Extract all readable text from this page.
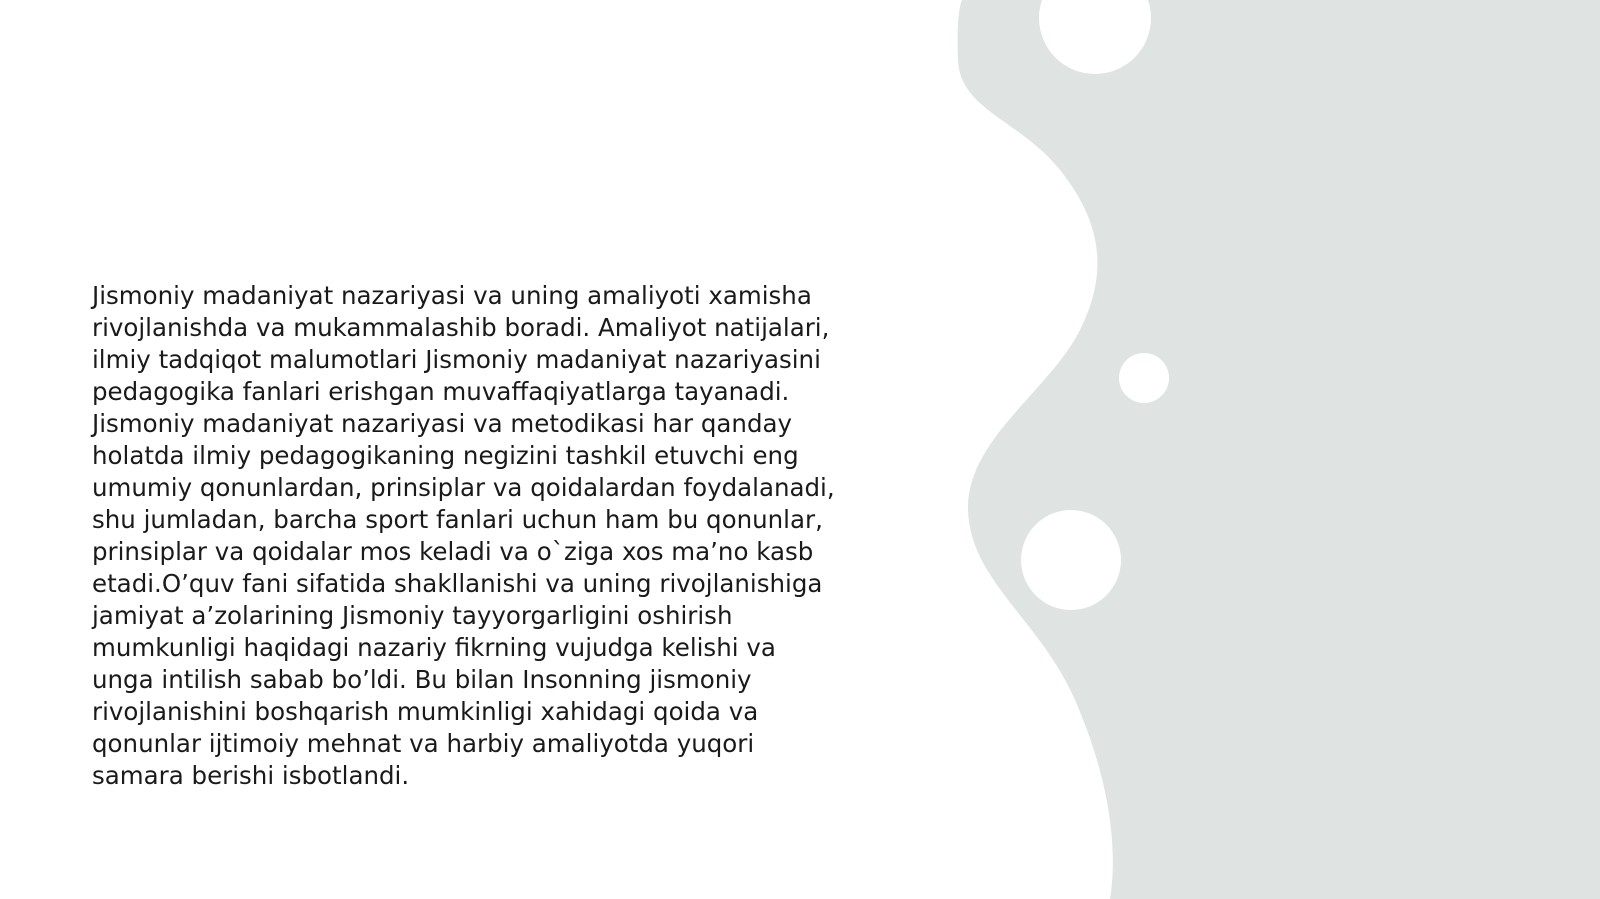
Jismoniy madaniyat nazariyasi va uning amaliyoti xamisha
rivojlanishda va mukammalashib boradi. Amaliyot natijalari,
ilmiy tadqiqot malumotlari Jismoniy madaniyat nazariyasini
pedagogika fanlari erishgan muvaffaqiyatlarga tayanadi.
Jismoniy madaniyat nazariyasi va metodikasi har qanday
holatda ilmiy pedagogikaning negizini tashkil etuvchi eng
umumiy qonunlardan, prinsiplar va qoidalardan foydalanadi,
shu jumladan, barcha sport fanlari uchun ham bu qonunlar,
prinsiplar va qoidalar mos keladi va o`ziga xos ma’no kasb
etadi.O’quv fani sifatida shakllanishi va uning rivojlanishiga
jamiyat a’zolarining Jismoniy tayyorgarligini oshirish
mumkunligi haqidagi nazariy fikrning vujudga kelishi va
unga intilish sabab bo’ldi. Bu bilan Insonning jismoniy
rivojlanishini boshqarish mumkinligi xahidagi qoida va
qonunlar ijtimoiy mehnat va harbiy amaliyotda yuqori
samara berishi isbotlandi.
